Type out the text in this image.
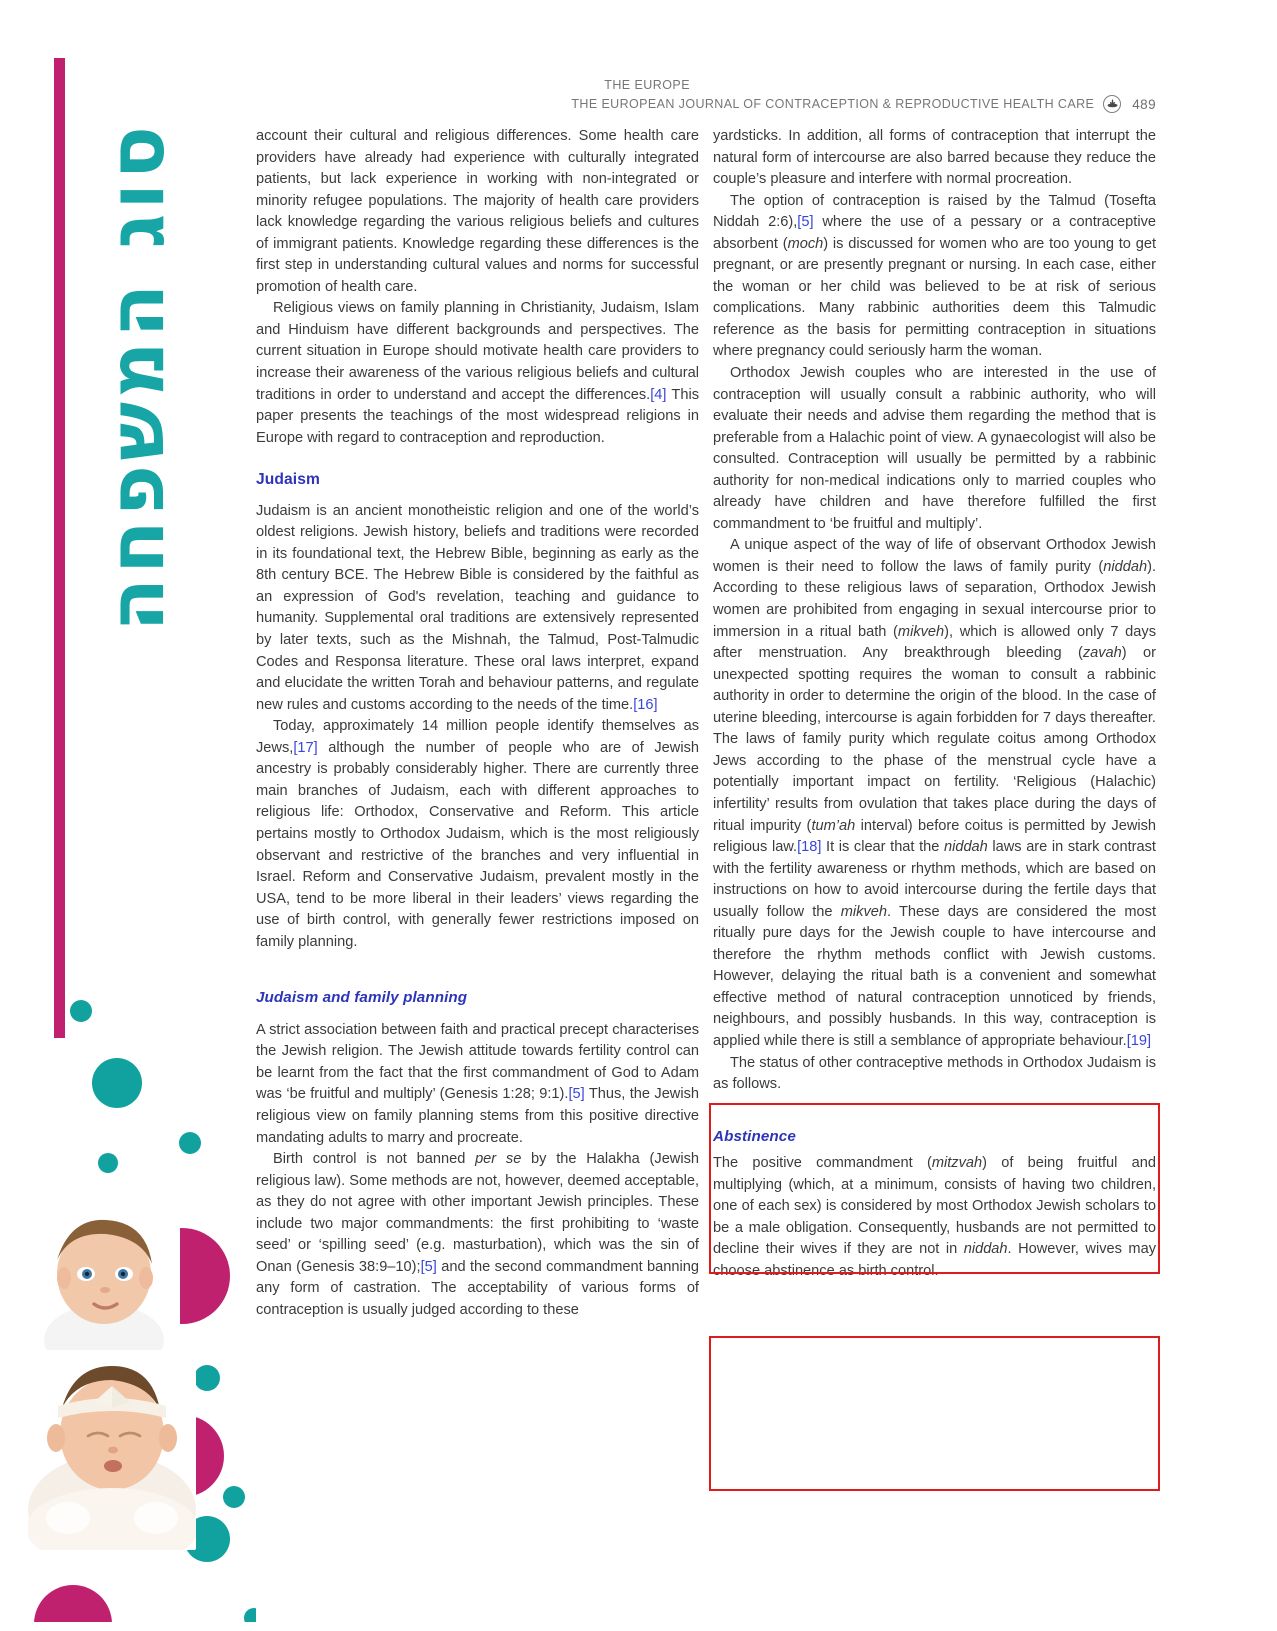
סוג המשפחה
THE EUROPE
THE EUROPEAN JOURNAL OF CONTRACEPTION & REPRODUCTIVE HEALTH CARE	489

account their cultural and religious differences. Some health care providers have already had experience with culturally integrated patients, but lack experience in working with non-integrated or minority refugee populations. The majority of health care providers lack knowledge regarding the various religious beliefs and cultures of immigrant patients. Knowledge regarding these differences is the first step in understanding cultural values and norms for successful promotion of health care.

Religious views on family planning in Christianity, Judaism, Islam and Hinduism have different backgrounds and perspectives. The current situation in Europe should motivate health care providers to increase their awareness of the various religious beliefs and cultural traditions in order to understand and accept the differences.[4] This paper presents the teachings of the most widespread religions in Europe with regard to contraception and reproduction.

Judaism

Judaism is an ancient monotheistic religion and one of the world’s oldest religions. Jewish history, beliefs and traditions were recorded in its foundational text, the Hebrew Bible, beginning as early as the 8th century BCE. The Hebrew Bible is considered by the faithful as an expression of God's revelation, teaching and guidance to humanity. Supplemental oral traditions are extensively represented by later texts, such as the Mishnah, the Talmud, Post-Talmudic Codes and Responsa literature. These oral laws interpret, expand and elucidate the written Torah and behaviour patterns, and regulate new rules and customs according to the needs of the time.[16]

Today, approximately 14 million people identify themselves as Jews,[17] although the number of people who are of Jewish ancestry is probably considerably higher. There are currently three main branches of Judaism, each with different approaches to religious life: Orthodox, Conservative and Reform. This article pertains mostly to Orthodox Judaism, which is the most religiously observant and restrictive of the branches and very influential in Israel. Reform and Conservative Judaism, prevalent mostly in the USA, tend to be more liberal in their leaders’ views regarding the use of birth control, with generally fewer restrictions imposed on family planning.

Judaism and family planning

A strict association between faith and practical precept characterises the Jewish religion. The Jewish attitude towards fertility control can be learnt from the fact that the first commandment of God to Adam was ‘be fruitful and multiply’ (Genesis 1:28; 9:1).[5] Thus, the Jewish religious view on family planning stems from this positive directive mandating adults to marry and procreate.

Birth control is not banned per se by the Halakha (Jewish religious law). Some methods are not, however, deemed acceptable, as they do not agree with other important Jewish principles. These include two major commandments: the first prohibiting to ‘waste seed’ or ‘spilling seed’ (e.g. masturbation), which was the sin of Onan (Genesis 38:9–10);[5] and the second commandment banning any form of castration. The acceptability of various forms of contraception is usually judged according to these

yardsticks. In addition, all forms of contraception that interrupt the natural form of intercourse are also barred because they reduce the couple’s pleasure and interfere with normal procreation.

The option of contraception is raised by the Talmud (Tosefta Niddah 2:6),[5] where the use of a pessary or a contraceptive absorbent (moch) is discussed for women who are too young to get pregnant, or are presently pregnant or nursing. In each case, either the woman or her child was believed to be at risk of serious complications. Many rabbinic authorities deem this Talmudic reference as the basis for permitting contraception in situations where pregnancy could seriously harm the woman.

Orthodox Jewish couples who are interested in the use of contraception will usually consult a rabbinic authority, who will evaluate their needs and advise them regarding the method that is preferable from a Halachic point of view. A gynaecologist will also be consulted. Contraception will usually be permitted by a rabbinic authority for non-medical indications only to married couples who already have children and have therefore fulfilled the first commandment to ‘be fruitful and multiply’.

A unique aspect of the way of life of observant Orthodox Jewish women is their need to follow the laws of family purity (niddah). According to these religious laws of separation, Orthodox Jewish women are prohibited from engaging in sexual intercourse prior to immersion in a ritual bath (mikveh), which is allowed only 7 days after menstruation. Any breakthrough bleeding (zavah) or unexpected spotting requires the woman to consult a rabbinic authority in order to determine the origin of the blood. In the case of uterine bleeding, intercourse is again forbidden for 7 days thereafter. The laws of family purity which regulate coitus among Orthodox Jews according to the phase of the menstrual cycle have a potentially important impact on fertility. ‘Religious (Halachic) infertility’ results from ovulation that takes place during the days of ritual impurity (tum’ah interval) before coitus is permitted by Jewish religious law.[18] It is clear that the niddah laws are in stark contrast with the fertility awareness or rhythm methods, which are based on instructions on how to avoid intercourse during the fertile days that usually follow the mikveh. These days are considered the most ritually pure days for the Jewish couple to have intercourse and therefore the rhythm methods conflict with Jewish customs. However, delaying the ritual bath is a convenient and somewhat effective method of natural contraception unnoticed by friends, neighbours, and possibly husbands. In this way, contraception is applied while there is still a semblance of appropriate behaviour.[19]

The status of other contraceptive methods in Orthodox Judaism is as follows.

Abstinence

The positive commandment (mitzvah) of being fruitful and multiplying (which, at a minimum, consists of having two children, one of each sex) is considered by most Orthodox Jewish scholars to be a male obligation. Consequently, husbands are not permitted to decline their wives if they are not in niddah. However, wives may choose abstinence as birth control.
